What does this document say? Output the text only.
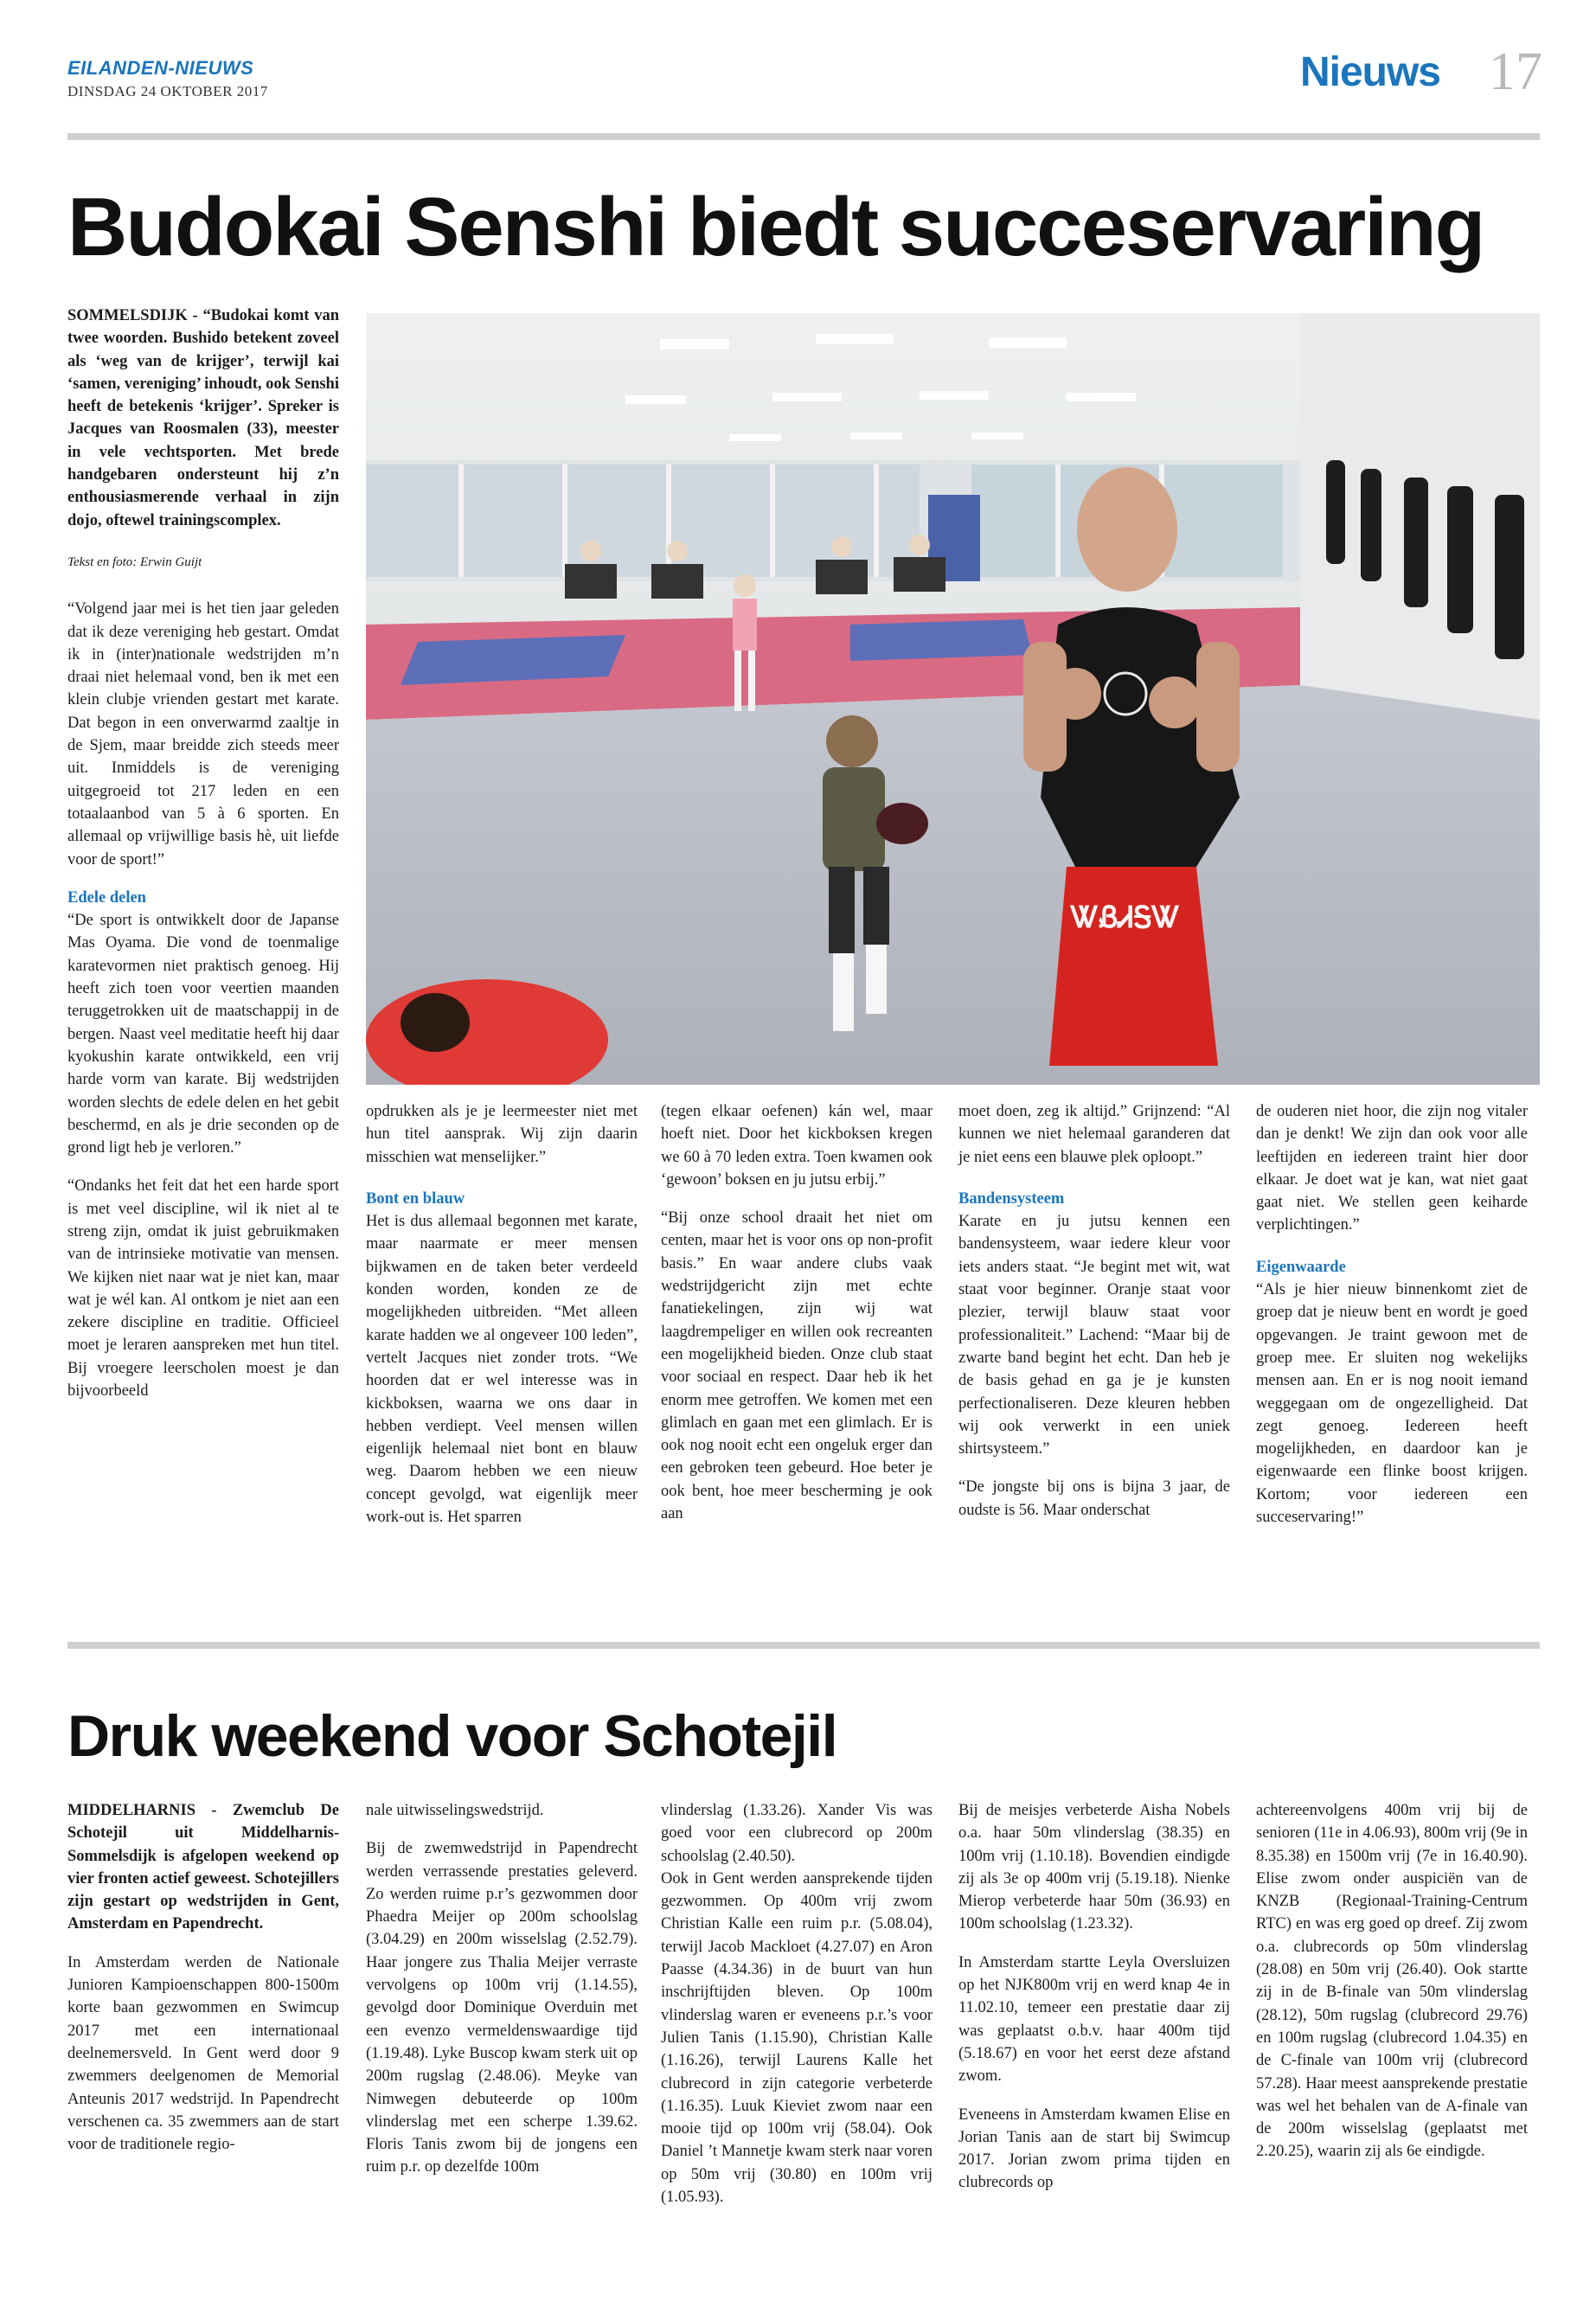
EILANDEN-NIEUWS
DINSDAG 24 OKTOBER 2017	Nieuws 17
Budokai Senshi biedt succeservaring

SOMMELSDIJK - “Budokai komt van twee woorden. Bushido betekent zoveel als ‘weg van de krijger’, terwijl kai ‘samen, vereniging’ inhoudt, ook Senshi heeft de betekenis ‘krijger’. Spreker is Jacques van Roosmalen (33), meester in vele vechtsporten. Met brede handgebaren ondersteunt hij z’n enthousiasmerende verhaal in zijn dojo, oftewel trainingscomplex.

Tekst en foto: Erwin Guijt

“Volgend jaar mei is het tien jaar geleden dat ik deze vereniging heb gestart. Omdat ik in (inter)nationale wedstrijden m’n draai niet helemaal vond, ben ik met een klein clubje vrienden gestart met karate. Dat begon in een onverwarmd zaaltje in de Sjem, maar breidde zich steeds meer uit. Inmiddels is de vereniging uitgegroeid tot 217 leden en een totaalaanbod van 5 à 6 sporten. En allemaal op vrijwillige basis hè, uit liefde voor de sport!”

Edele delen
“De sport is ontwikkelt door de Japanse Mas Oyama. Die vond de toenmalige karatevormen niet praktisch genoeg. Hij heeft zich toen voor veertien maanden teruggetrokken uit de maatschappij in de bergen. Naast veel meditatie heeft hij daar kyokushin karate ontwikkeld, een vrij harde vorm van karate. Bij wedstrijden worden slechts de edele delen en het gebit beschermd, en als je drie seconden op de grond ligt heb je verloren.”

“Ondanks het feit dat het een harde sport is met veel discipline, wil ik niet al te streng zijn, omdat ik juist gebruikmaken van de intrinsieke motivatie van mensen. We kijken niet naar wat je niet kan, maar wat je wél kan. Al ontkom je niet aan een zekere discipline en traditie. Officieel moet je leraren aanspreken met hun titel. Bij vroegere leerscholen moest je dan bijvoorbeeld

ᏔᏰᏗᎦᏔ

opdrukken als je je leermeester niet met hun titel aansprak. Wij zijn daarin misschien wat menselijker.”

Bont en blauw
Het is dus allemaal begonnen met karate, maar naarmate er meer mensen bijkwamen en de taken beter verdeeld konden worden, konden ze de mogelijkheden uitbreiden. “Met alleen karate hadden we al ongeveer 100 leden”, vertelt Jacques niet zonder trots. “We hoorden dat er wel interesse was in kickboksen, waarna we ons daar in hebben verdiept. Veel mensen willen eigenlijk helemaal niet bont en blauw weg. Daarom hebben we een nieuw concept gevolgd, wat eigenlijk meer work-out is. Het sparren

(tegen elkaar oefenen) kán wel, maar hoeft niet. Door het kickboksen kregen we 60 à 70 leden extra. Toen kwamen ook ‘gewoon’ boksen en ju jutsu erbij.”

“Bij onze school draait het niet om centen, maar het is voor ons op non-profit basis.” En waar andere clubs vaak wedstrijdgericht zijn met echte fanatiekelingen, zijn wij wat laagdrempeliger en willen ook recreanten een mogelijkheid bieden. Onze club staat voor sociaal en respect. Daar heb ik het enorm mee getroffen. We komen met een glimlach en gaan met een glimlach. Er is ook nog nooit echt een ongeluk erger dan een gebroken teen gebeurd. Hoe beter je ook bent, hoe meer bescherming je ook aan

moet doen, zeg ik altijd.” Grijnzend: “Al kunnen we niet helemaal garanderen dat je niet eens een blauwe plek oploopt.”

Bandensysteem
Karate en ju jutsu kennen een bandensysteem, waar iedere kleur voor iets anders staat. “Je begint met wit, wat staat voor beginner. Oranje staat voor plezier, terwijl blauw staat voor professionaliteit.” Lachend: “Maar bij de zwarte band begint het echt. Dan heb je de basis gehad en ga je je kunsten perfectionaliseren. Deze kleuren hebben wij ook verwerkt in een uniek shirtsysteem.”

“De jongste bij ons is bijna 3 jaar, de oudste is 56. Maar onderschat

de ouderen niet hoor, die zijn nog vitaler dan je denkt! We zijn dan ook voor alle leeftijden en iedereen traint hier door elkaar. Je doet wat je kan, wat niet gaat gaat niet. We stellen geen keiharde verplichtingen.”

Eigenwaarde
“Als je hier nieuw binnenkomt ziet de groep dat je nieuw bent en wordt je goed opgevangen. Je traint gewoon met de groep mee. Er sluiten nog wekelijks mensen aan. En er is nog nooit iemand weggegaan om de ongezelligheid. Dat zegt genoeg. Iedereen heeft mogelijkheden, en daardoor kan je eigenwaarde een flinke boost krijgen. Kortom; voor iedereen een succeservaring!”

Druk weekend voor Schotejil

MIDDELHARNIS - Zwemclub De Schotejil uit Middelharnis-Sommelsdijk is afgelopen weekend op vier fronten actief geweest. Schotejillers zijn gestart op wedstrijden in Gent, Amsterdam en Papendrecht.

In Amsterdam werden de Nationale Junioren Kampioenschappen 800-1500m korte baan gezwommen en Swimcup 2017 met een internationaal deelnemersveld. In Gent werd door 9 zwemmers deelgenomen de Memorial Anteunis 2017 wedstrijd. In Papendrecht verschenen ca. 35 zwemmers aan de start voor de traditionele regio-

nale uitwisselingswedstrijd.

Bij de zwemwedstrijd in Papendrecht werden verrassende prestaties geleverd. Zo werden ruime p.r’s gezwommen door Phaedra Meijer op 200m schoolslag (3.04.29) en 200m wisselslag (2.52.79). Haar jongere zus Thalia Meijer verraste vervolgens op 100m vrij (1.14.55), gevolgd door Dominique Overduin met een evenzo vermeldenswaardige tijd (1.19.48). Lyke Buscop kwam sterk uit op 200m rugslag (2.48.06). Meyke van Nimwegen debuteerde op 100m vlinderslag met een scherpe 1.39.62. Floris Tanis zwom bij de jongens een ruim p.r. op dezelfde 100m

vlinderslag (1.33.26). Xander Vis was goed voor een clubrecord op 200m schoolslag (2.40.50).

Ook in Gent werden aansprekende tijden gezwommen. Op 400m vrij zwom Christian Kalle een ruim p.r. (5.08.04), terwijl Jacob Mackloet (4.27.07) en Aron Paasse (4.34.36) in de buurt van hun inschrijftijden bleven. Op 100m vlinderslag waren er eveneens p.r.’s voor Julien Tanis (1.15.90), Christian Kalle (1.16.26), terwijl Laurens Kalle het clubrecord in zijn categorie verbeterde (1.16.35). Luuk Kieviet zwom naar een mooie tijd op 100m vrij (58.04). Ook Daniel ’t Mannetje kwam sterk naar voren op 50m vrij (30.80) en 100m vrij (1.05.93).

Bij de meisjes verbeterde Aisha Nobels o.a. haar 50m vlinderslag (38.35) en 100m vrij (1.10.18). Bovendien eindigde zij als 3e op 400m vrij (5.19.18). Nienke Mierop verbeterde haar 50m (36.93) en 100m schoolslag (1.23.32).

In Amsterdam startte Leyla Oversluizen op het NJK800m vrij en werd knap 4e in 11.02.10, temeer een prestatie daar zij was geplaatst o.b.v. haar 400m tijd (5.18.67) en voor het eerst deze afstand zwom.

Eveneens in Amsterdam kwamen Elise en Jorian Tanis aan de start bij Swimcup 2017. Jorian zwom prima tijden en clubrecords op

achtereenvolgens 400m vrij bij de senioren (11e in 4.06.93), 800m vrij (9e in 8.35.38) en 1500m vrij (7e in 16.40.90). Elise zwom onder auspiciën van de KNZB (Regionaal-Training-Centrum RTC) en was erg goed op dreef. Zij zwom o.a. clubrecords op 50m vlinderslag (28.08) en 50m vrij (26.40). Ook startte zij in de B-finale van 50m vlinderslag (28.12), 50m rugslag (clubrecord 29.76) en 100m rugslag (clubrecord 1.04.35) en de C-finale van 100m vrij (clubrecord 57.28). Haar meest aansprekende prestatie was wel het behalen van de A-finale van de 200m wisselslag (geplaatst met 2.20.25), waarin zij als 6e eindigde.
